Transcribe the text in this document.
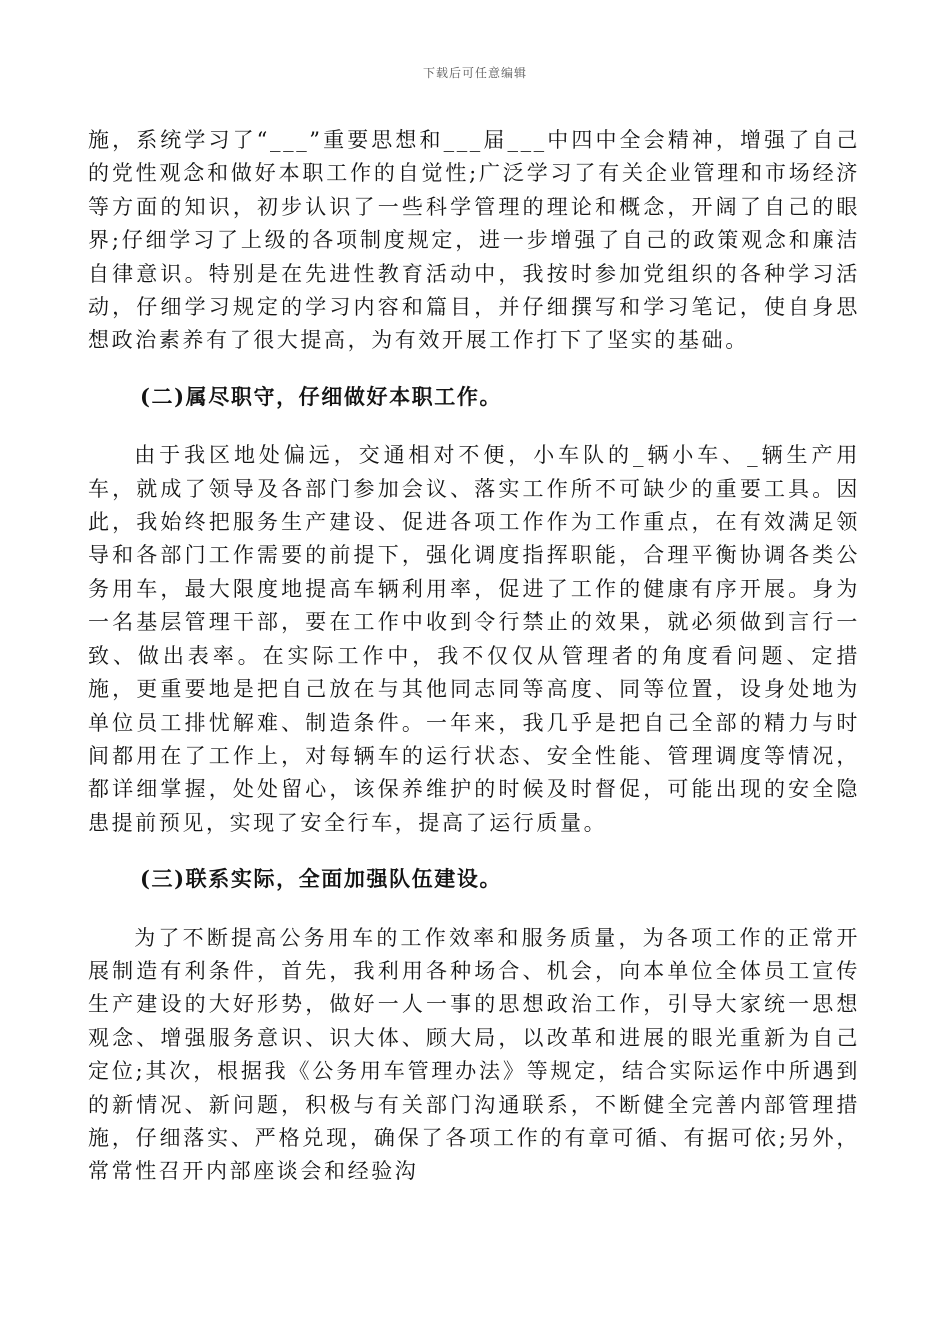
下载后可任意编辑

施，系统学习了“___”重要思想和___届___中四中全会精神，增强了自己的党性观念和做好本职工作的自觉性;广泛学习了有关企业管理和市场经济等方面的知识，初步认识了一些科学管理的理论和概念，开阔了自己的眼界;仔细学习了上级的各项制度规定，进一步增强了自己的政策观念和廉洁自律意识。特别是在先进性教育活动中，我按时参加党组织的各种学习活动，仔细学习规定的学习内容和篇目，并仔细撰写和学习笔记，使自身思想政治素养有了很大提高，为有效开展工作打下了坚实的基础。

(二)属尽职守，仔细做好本职工作。

由于我区地处偏远，交通相对不便，小车队的_辆小车、_辆生产用车，就成了领导及各部门参加会议、落实工作所不可缺少的重要工具。因此，我始终把服务生产建设、促进各项工作作为工作重点，在有效满足领导和各部门工作需要的前提下，强化调度指挥职能，合理平衡协调各类公务用车，最大限度地提高车辆利用率，促进了工作的健康有序开展。身为一名基层管理干部，要在工作中收到令行禁止的效果，就必须做到言行一致、做出表率。在实际工作中，我不仅仅从管理者的角度看问题、定措施，更重要地是把自己放在与其他同志同等高度、同等位置，设身处地为单位员工排忧解难、制造条件。一年来，我几乎是把自己全部的精力与时间都用在了工作上，对每辆车的运行状态、安全性能、管理调度等情况，都详细掌握，处处留心，该保养维护的时候及时督促，可能出现的安全隐患提前预见，实现了安全行车，提高了运行质量。

(三)联系实际，全面加强队伍建设。

为了不断提高公务用车的工作效率和服务质量，为各项工作的正常开展制造有利条件，首先，我利用各种场合、机会，向本单位全体员工宣传生产建设的大好形势，做好一人一事的思想政治工作，引导大家统一思想观念、增强服务意识、识大体、顾大局，以改革和进展的眼光重新为自己定位;其次，根据我《公务用车管理办法》等规定，结合实际运作中所遇到的新情况、新问题，积极与有关部门沟通联系，不断健全完善内部管理措施，仔细落实、严格兑现，确保了各项工作的有章可循、有据可依;另外，常常性召开内部座谈会和经验沟
